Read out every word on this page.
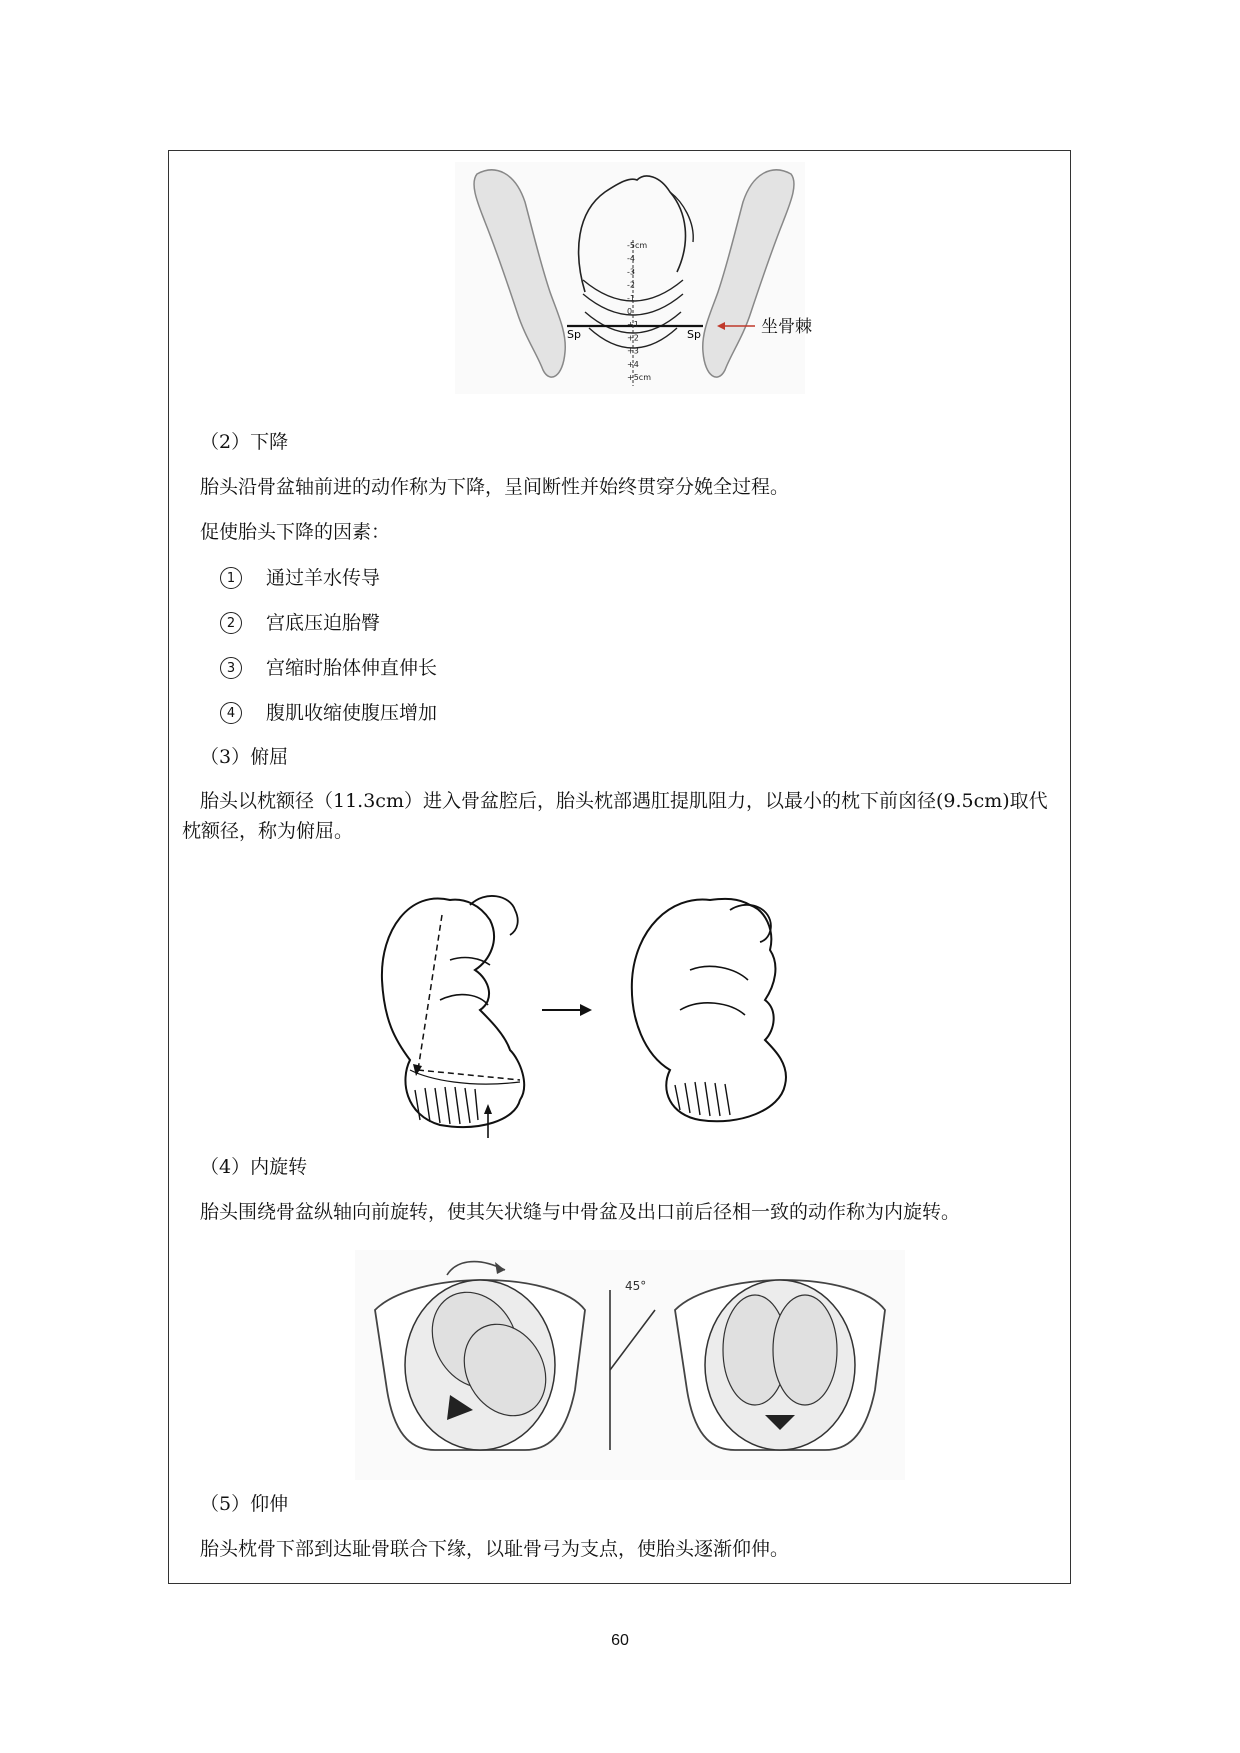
-5cm
-4
-3
-2
-1
0
+1
+2
+3
+4
+5cm
Sp	Sp	坐骨棘
（2）下降
胎头沿骨盆轴前进的动作称为下降，呈间断性并始终贯穿分娩全过程。
促使胎头下降的因素：
1 通过羊水传导
2 宫底压迫胎臀
3 宫缩时胎体伸直伸长
4 腹肌收缩使腹压增加
（3）俯屈
胎头以枕额径（11.3cm）进入骨盆腔后，胎头枕部遇肛提肌阻力，以最小的枕下前囟径(9.5cm)取代枕额径，称为俯屈。
（4）内旋转
胎头围绕骨盆纵轴向前旋转，使其矢状缝与中骨盆及出口前后径相一致的动作称为内旋转。
45°
（5）仰伸
胎头枕骨下部到达耻骨联合下缘，以耻骨弓为支点，使胎头逐渐仰伸。
60
